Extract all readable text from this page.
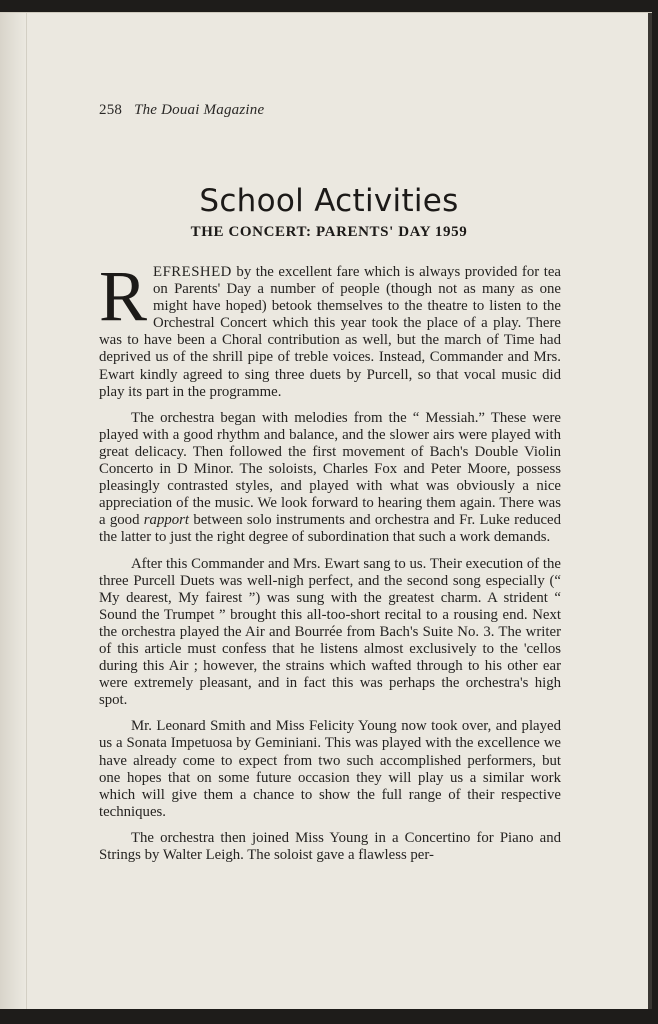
258 The Douai Magazine
School Activities
THE CONCERT: PARENTS' DAY 1959

REFRESHED by the excellent fare which is always provided for tea on Parents' Day a number of people (though not as many as one might have hoped) betook themselves to the theatre to listen to the Orchestral Concert which this year took the place of a play. There was to have been a Choral contribution as well, but the march of Time had deprived us of the shrill pipe of treble voices. Instead, Commander and Mrs. Ewart kindly agreed to sing three duets by Purcell, so that vocal music did play its part in the programme.

The orchestra began with melodies from the “ Messiah.” These were played with a good rhythm and balance, and the slower airs were played with great delicacy. Then followed the first movement of Bach's Double Violin Concerto in D Minor. The soloists, Charles Fox and Peter Moore, possess pleasingly contrasted styles, and played with what was obviously a nice appreciation of the music. We look forward to hearing them again. There was a good rapport between solo instruments and orchestra and Fr. Luke reduced the latter to just the right degree of subordination that such a work demands.

After this Commander and Mrs. Ewart sang to us. Their execution of the three Purcell Duets was well-nigh perfect, and the second song especially (“ My dearest, My fairest ”) was sung with the greatest charm. A strident “ Sound the Trumpet ” brought this all-too-short recital to a rousing end. Next the orchestra played the Air and Bourrée from Bach's Suite No. 3. The writer of this article must confess that he listens almost exclusively to the 'cellos during this Air ; however, the strains which wafted through to his other ear were extremely pleasant, and in fact this was perhaps the orchestra's high spot.

Mr. Leonard Smith and Miss Felicity Young now took over, and played us a Sonata Impetuosa by Geminiani. This was played with the excellence we have already come to expect from two such accomplished performers, but one hopes that on some future occasion they will play us a similar work which will give them a chance to show the full range of their respective techniques.

The orchestra then joined Miss Young in a Concertino for Piano and Strings by Walter Leigh. The soloist gave a flawless per-
